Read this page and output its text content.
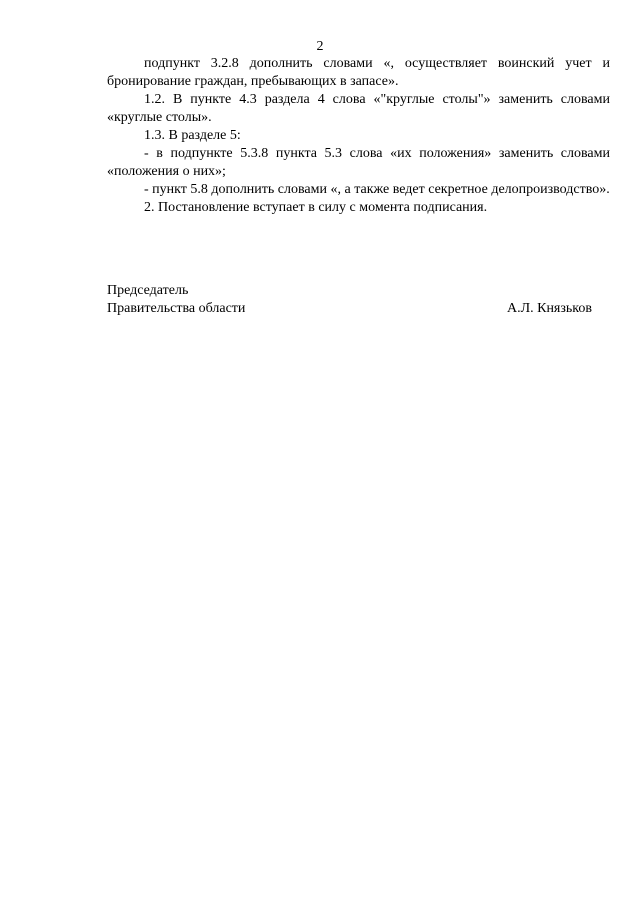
2

подпункт 3.2.8 дополнить словами «, осуществляет воинский учет и бронирование граждан, пребывающих в запасе».

1.2. В пункте 4.3 раздела 4 слова «"круглые столы"» заменить словами «круглые столы».

1.3. В разделе 5:

- в подпункте 5.3.8 пункта 5.3 слова «их положения» заменить словами «положения о них»;

- пункт 5.8 дополнить словами «, а также ведет секретное делопроизводство».

2. Постановление вступает в силу с момента подписания.

Председатель
Правительства области	А.Л. Князьков
